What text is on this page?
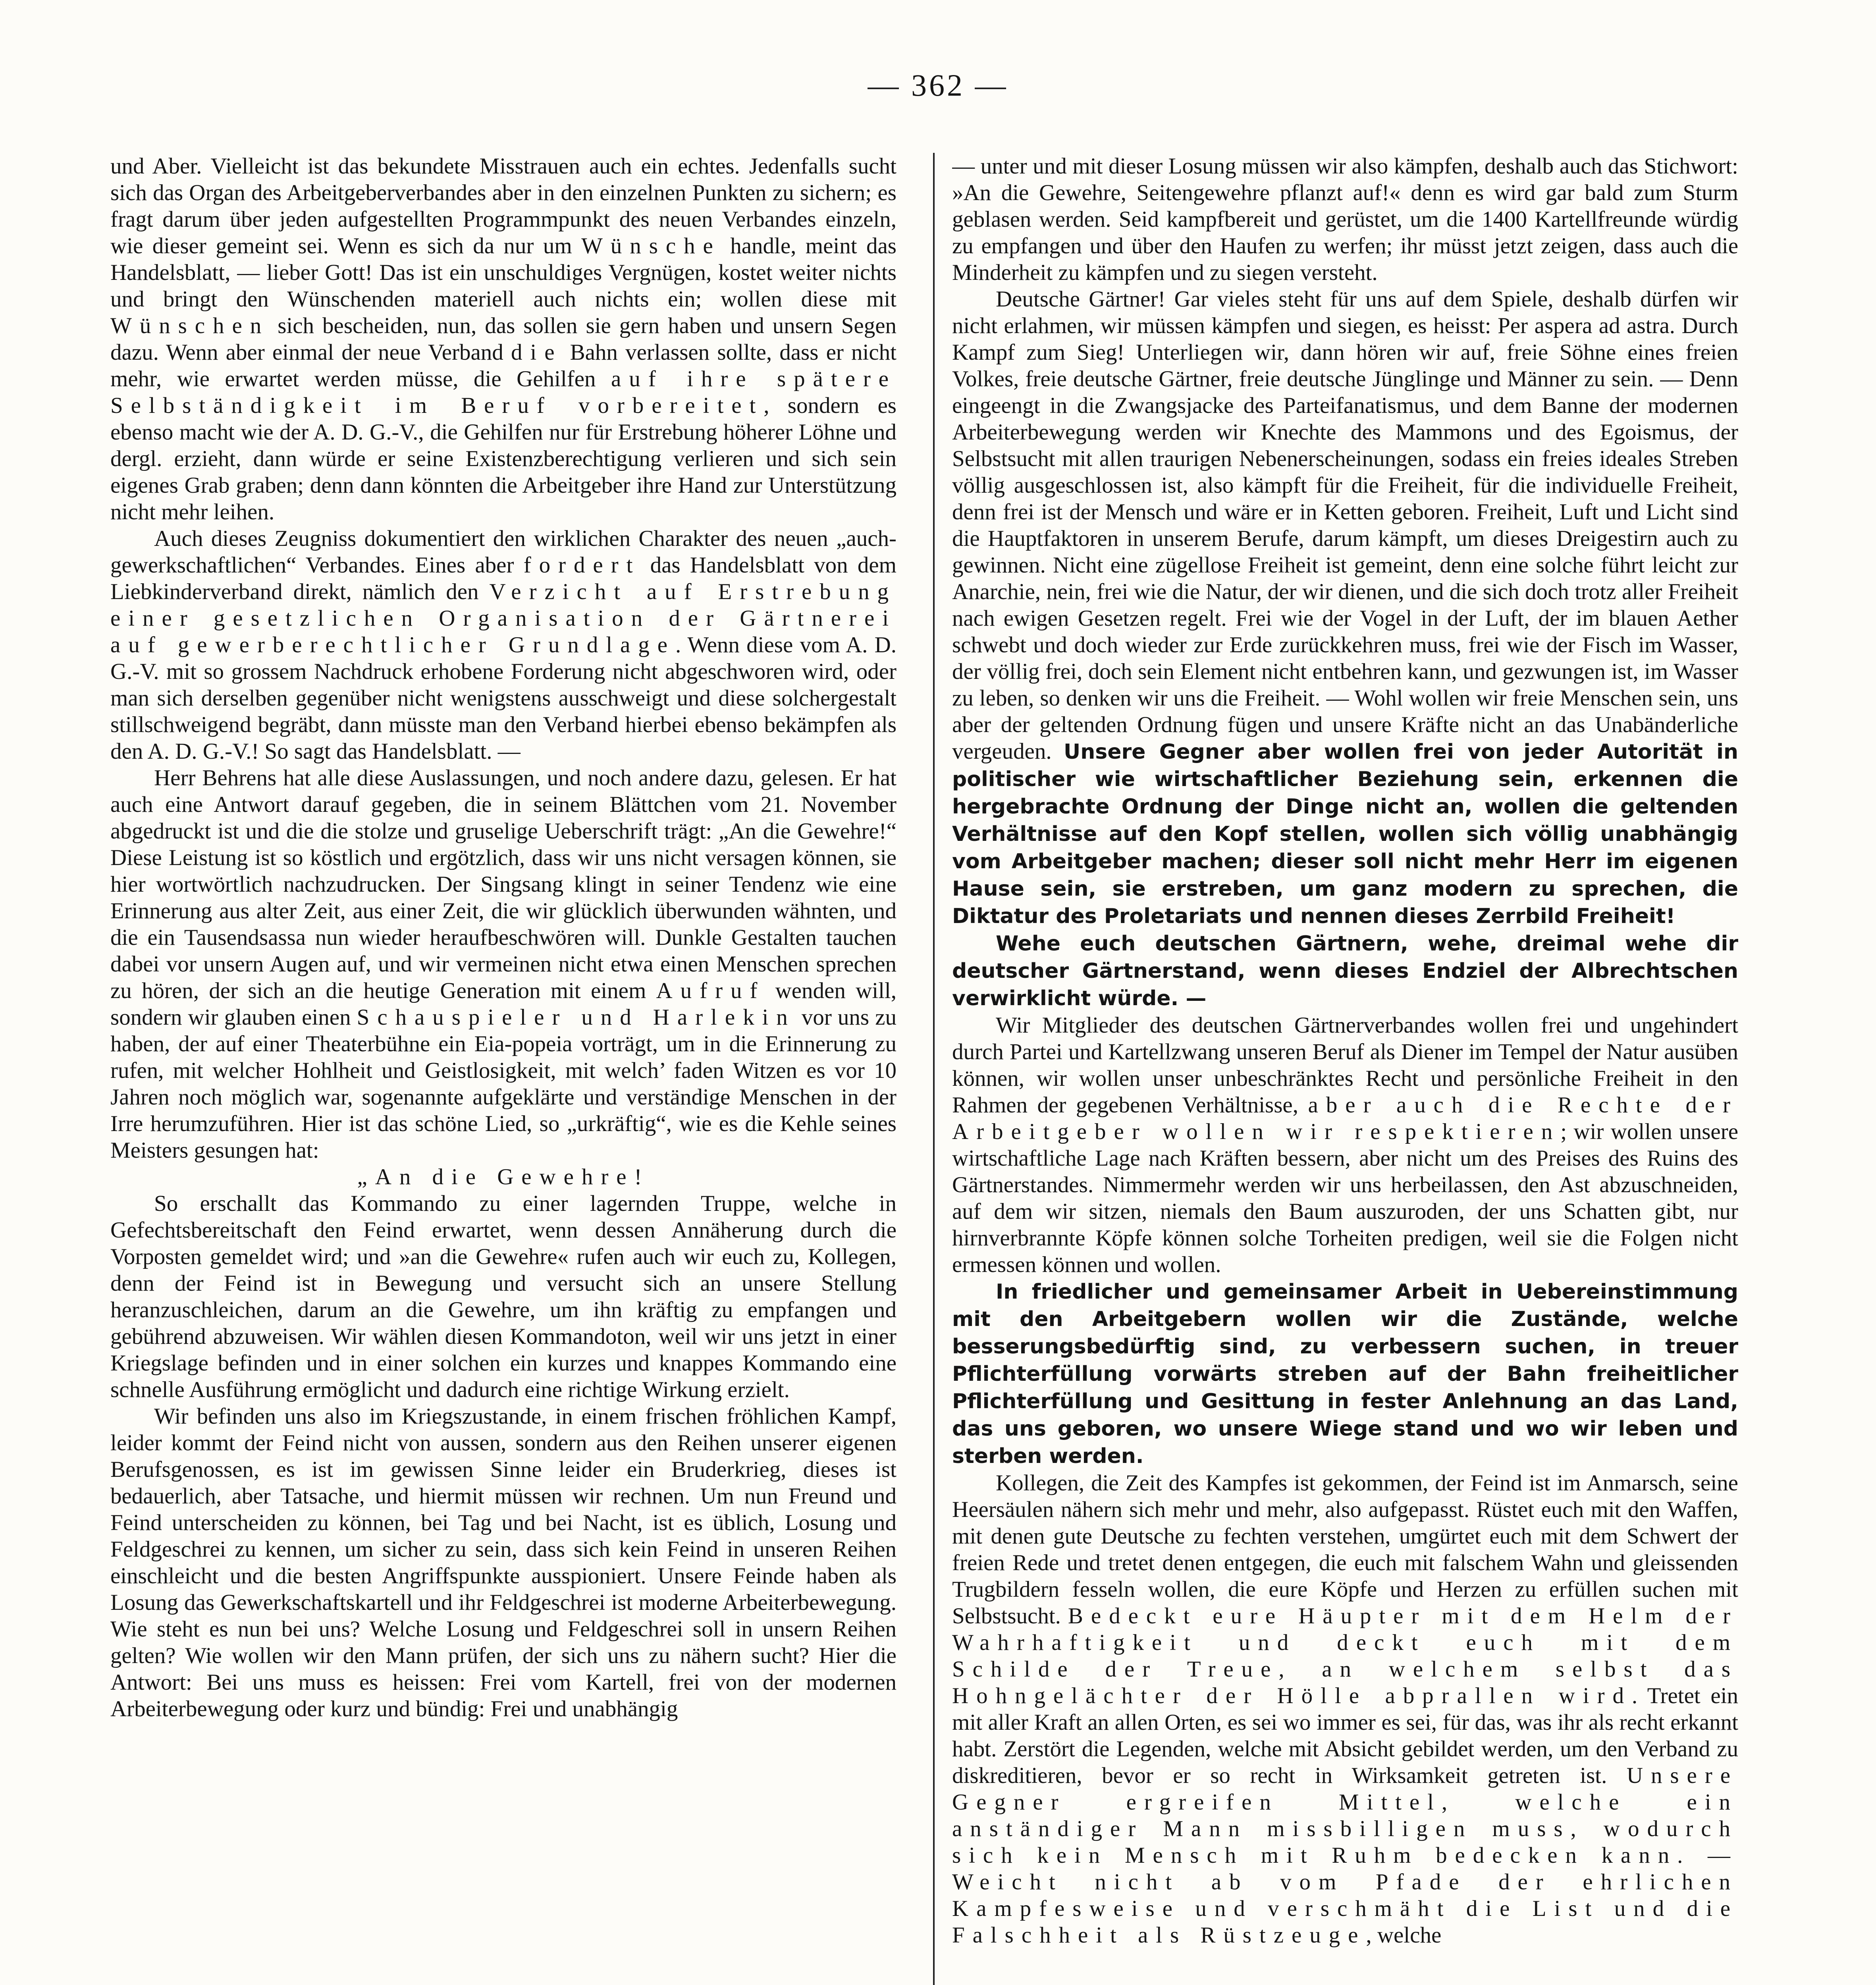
— 362 —

und Aber. Vielleicht ist das bekundete Misstrauen auch ein echtes. Jedenfalls sucht sich das Organ des Arbeitgeberverbandes aber in den einzelnen Punkten zu sichern; es fragt darum über jeden aufgestellten Programmpunkt des neuen Verbandes einzeln, wie dieser gemeint sei. Wenn es sich da nur um Wünsche handle, meint das Handelsblatt, — lieber Gott! Das ist ein unschuldiges Vergnügen, kostet weiter nichts und bringt den Wünschenden materiell auch nichts ein; wollen diese mit Wünschen sich bescheiden, nun, das sollen sie gern haben und unsern Segen dazu. Wenn aber einmal der neue Verband die Bahn verlassen sollte, dass er nicht mehr, wie erwartet werden müsse, die Gehilfen auf ihre spätere Selbständigkeit im Beruf vorbereitet, sondern es ebenso macht wie der A. D. G.-V., die Gehilfen nur für Erstrebung höherer Löhne und dergl. erzieht, dann würde er seine Existenzberechtigung verlieren und sich sein eigenes Grab graben; denn dann könnten die Arbeitgeber ihre Hand zur Unterstützung nicht mehr leihen.

Auch dieses Zeugniss dokumentiert den wirklichen Charakter des neuen „auch-gewerkschaftlichen“ Verbandes. Eines aber fordert das Handelsblatt von dem Liebkinderverband direkt, nämlich den Verzicht auf Erstrebung einer gesetzlichen Organisation der Gärtnerei auf gewerberechtlicher Grundlage. Wenn diese vom A. D. G.-V. mit so grossem Nachdruck erhobene Forderung nicht abgeschworen wird, oder man sich derselben gegenüber nicht wenigstens ausschweigt und diese solchergestalt stillschweigend begräbt, dann müsste man den Verband hierbei ebenso bekämpfen als den A. D. G.-V.! So sagt das Handelsblatt. —

Herr Behrens hat alle diese Auslassungen, und noch andere dazu, gelesen. Er hat auch eine Antwort darauf gegeben, die in seinem Blättchen vom 21. November abgedruckt ist und die die stolze und gruselige Ueberschrift trägt: „An die Gewehre!“ Diese Leistung ist so köstlich und ergötzlich, dass wir uns nicht versagen können, sie hier wortwörtlich nachzudrucken. Der Singsang klingt in seiner Tendenz wie eine Erinnerung aus alter Zeit, aus einer Zeit, die wir glücklich überwunden wähnten, und die ein Tausendsassa nun wieder heraufbeschwören will. Dunkle Gestalten tauchen dabei vor unsern Augen auf, und wir vermeinen nicht etwa einen Menschen sprechen zu hören, der sich an die heutige Generation mit einem Aufruf wenden will, sondern wir glauben einen Schauspieler und Harlekin vor uns zu haben, der auf einer Theaterbühne ein Eia-popeia vorträgt, um in die Erinnerung zu rufen, mit welcher Hohlheit und Geistlosigkeit, mit welch’ faden Witzen es vor 10 Jahren noch möglich war, sogenannte aufgeklärte und verständige Menschen in der Irre herumzuführen. Hier ist das schöne Lied, so „urkräftig“, wie es die Kehle seines Meisters gesungen hat:

„An die Gewehre!

So erschallt das Kommando zu einer lagernden Truppe, welche in Gefechtsbereitschaft den Feind erwartet, wenn dessen Annäherung durch die Vorposten gemeldet wird; und »an die Gewehre« rufen auch wir euch zu, Kollegen, denn der Feind ist in Bewegung und versucht sich an unsere Stellung heranzuschleichen, darum an die Gewehre, um ihn kräftig zu empfangen und gebührend abzuweisen. Wir wählen diesen Kommandoton, weil wir uns jetzt in einer Kriegslage befinden und in einer solchen ein kurzes und knappes Kommando eine schnelle Ausführung ermöglicht und dadurch eine richtige Wirkung erzielt.

Wir befinden uns also im Kriegszustande, in einem frischen fröhlichen Kampf, leider kommt der Feind nicht von aussen, sondern aus den Reihen unserer eigenen Berufsgenossen, es ist im gewissen Sinne leider ein Bruderkrieg, dieses ist bedauerlich, aber Tatsache, und hiermit müssen wir rechnen. Um nun Freund und Feind unterscheiden zu können, bei Tag und bei Nacht, ist es üblich, Losung und Feldgeschrei zu kennen, um sicher zu sein, dass sich kein Feind in unseren Reihen einschleicht und die besten Angriffspunkte ausspioniert. Unsere Feinde haben als Losung das Gewerkschaftskartell und ihr Feldgeschrei ist moderne Arbeiterbewegung. Wie steht es nun bei uns? Welche Losung und Feldgeschrei soll in unsern Reihen gelten? Wie wollen wir den Mann prüfen, der sich uns zu nähern sucht? Hier die Antwort: Bei uns muss es heissen: Frei vom Kartell, frei von der modernen Arbeiterbewegung oder kurz und bündig: Frei und unabhängig

— unter und mit dieser Losung müssen wir also kämpfen, deshalb auch das Stichwort: »An die Gewehre, Seitengewehre pflanzt auf!« denn es wird gar bald zum Sturm geblasen werden. Seid kampfbereit und gerüstet, um die 1400 Kartellfreunde würdig zu empfangen und über den Haufen zu werfen; ihr müsst jetzt zeigen, dass auch die Minderheit zu kämpfen und zu siegen versteht.

Deutsche Gärtner! Gar vieles steht für uns auf dem Spiele, deshalb dürfen wir nicht erlahmen, wir müssen kämpfen und siegen, es heisst: Per aspera ad astra. Durch Kampf zum Sieg! Unterliegen wir, dann hören wir auf, freie Söhne eines freien Volkes, freie deutsche Gärtner, freie deutsche Jünglinge und Männer zu sein. — Denn eingeengt in die Zwangsjacke des Parteifanatismus, und dem Banne der modernen Arbeiterbewegung werden wir Knechte des Mammons und des Egoismus, der Selbstsucht mit allen traurigen Nebenerscheinungen, sodass ein freies ideales Streben völlig ausgeschlossen ist, also kämpft für die Freiheit, für die individuelle Freiheit, denn frei ist der Mensch und wäre er in Ketten geboren. Freiheit, Luft und Licht sind die Hauptfaktoren in unserem Berufe, darum kämpft, um dieses Dreigestirn auch zu gewinnen. Nicht eine zügellose Freiheit ist gemeint, denn eine solche führt leicht zur Anarchie, nein, frei wie die Natur, der wir dienen, und die sich doch trotz aller Freiheit nach ewigen Gesetzen regelt. Frei wie der Vogel in der Luft, der im blauen Aether schwebt und doch wieder zur Erde zurückkehren muss, frei wie der Fisch im Wasser, der völlig frei, doch sein Element nicht entbehren kann, und gezwungen ist, im Wasser zu leben, so denken wir uns die Freiheit. — Wohl wollen wir freie Menschen sein, uns aber der geltenden Ordnung fügen und unsere Kräfte nicht an das Unabänderliche vergeuden. Unsere Gegner aber wollen frei von jeder Autorität in politischer wie wirtschaftlicher Beziehung sein, erkennen die hergebrachte Ordnung der Dinge nicht an, wollen die geltenden Verhältnisse auf den Kopf stellen, wollen sich völlig unabhängig vom Arbeitgeber machen; dieser soll nicht mehr Herr im eigenen Hause sein, sie erstreben, um ganz modern zu sprechen, die Diktatur des Proletariats und nennen dieses Zerrbild Freiheit!

Wehe euch deutschen Gärtnern, wehe, dreimal wehe dir deutscher Gärtnerstand, wenn dieses Endziel der Albrechtschen verwirklicht würde. —

Wir Mitglieder des deutschen Gärtnerverbandes wollen frei und ungehindert durch Partei und Kartellzwang unseren Beruf als Diener im Tempel der Natur ausüben können, wir wollen unser unbeschränktes Recht und persönliche Freiheit in den Rahmen der gegebenen Verhältnisse, aber auch die Rechte der Arbeitgeber wollen wir respektieren; wir wollen unsere wirtschaftliche Lage nach Kräften bessern, aber nicht um des Preises des Ruins des Gärtnerstandes. Nimmermehr werden wir uns herbeilassen, den Ast abzuschneiden, auf dem wir sitzen, niemals den Baum auszuroden, der uns Schatten gibt, nur hirnverbrannte Köpfe können solche Torheiten predigen, weil sie die Folgen nicht ermessen können und wollen.

In friedlicher und gemeinsamer Arbeit in Uebereinstimmung mit den Arbeitgebern wollen wir die Zustände, welche besserungsbedürftig sind, zu verbessern suchen, in treuer Pflichterfüllung vorwärts streben auf der Bahn freiheitlicher Pflichterfüllung und Gesittung in fester Anlehnung an das Land, das uns geboren, wo unsere Wiege stand und wo wir leben und sterben werden.

Kollegen, die Zeit des Kampfes ist gekommen, der Feind ist im Anmarsch, seine Heersäulen nähern sich mehr und mehr, also aufgepasst. Rüstet euch mit den Waffen, mit denen gute Deutsche zu fechten verstehen, umgürtet euch mit dem Schwert der freien Rede und tretet denen entgegen, die euch mit falschem Wahn und gleissenden Trugbildern fesseln wollen, die eure Köpfe und Herzen zu erfüllen suchen mit Selbstsucht. Bedeckt eure Häupter mit dem Helm der Wahrhaftigkeit und deckt euch mit dem Schilde der Treue, an welchem selbst das Hohngelächter der Hölle abprallen wird. Tretet ein mit aller Kraft an allen Orten, es sei wo immer es sei, für das, was ihr als recht erkannt habt. Zerstört die Legenden, welche mit Absicht gebildet werden, um den Verband zu diskreditieren, bevor er so recht in Wirksamkeit getreten ist. Unsere Gegner ergreifen Mittel, welche ein anständiger Mann missbilligen muss, wodurch sich kein Mensch mit Ruhm bedecken kann. — Weicht nicht ab vom Pfade der ehrlichen Kampfesweise und verschmäht die List und die Falschheit als Rüstzeuge, welche
